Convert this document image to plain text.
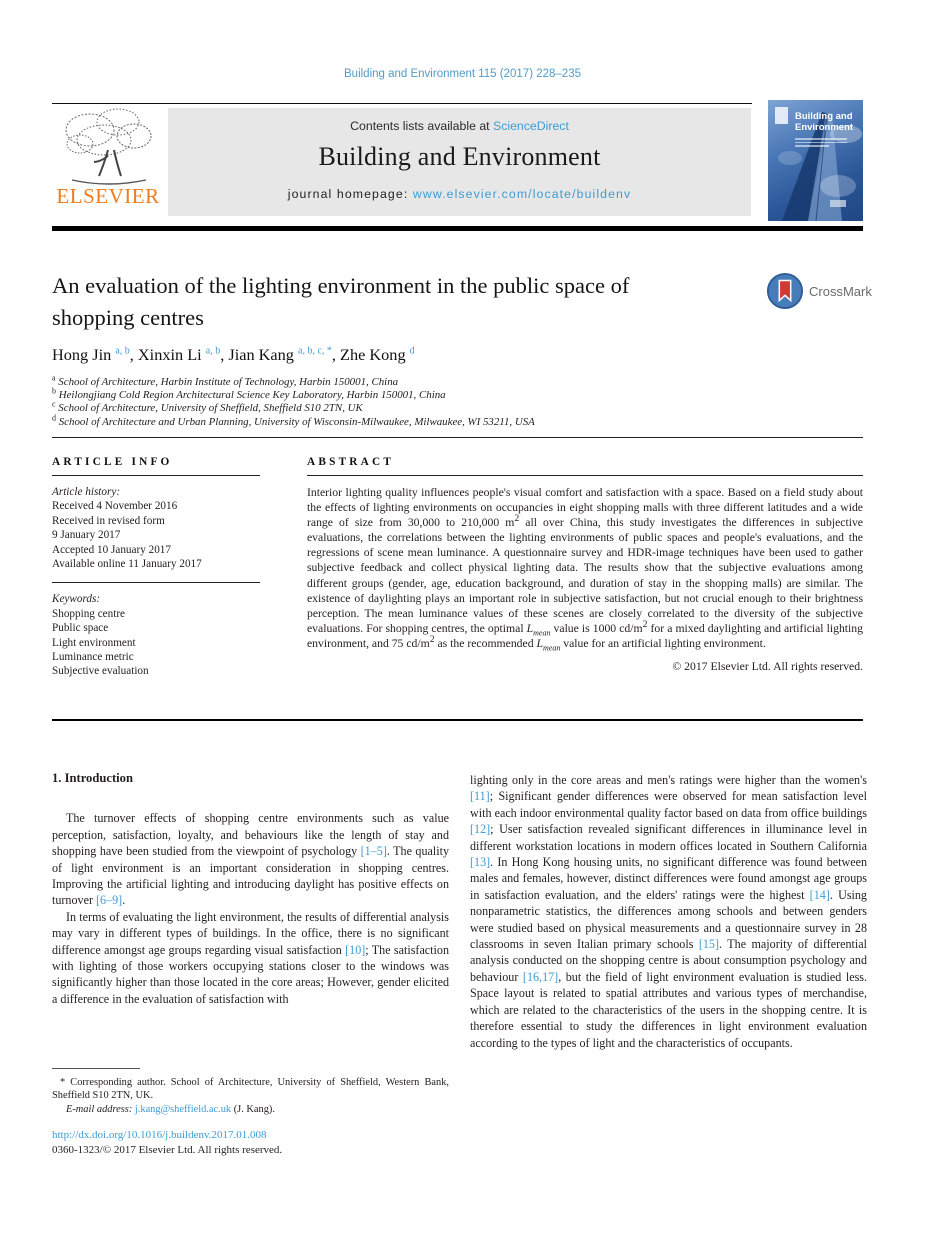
Building and Environment 115 (2017) 228–235
ELSEVIER
Contents lists available at ScienceDirect
Building and Environment
journal homepage: www.elsevier.com/locate/buildenv
Building and
Environment
An evaluation of the lighting environment in the public space of shopping centres
CrossMark
Hong Jin $^{a, b}$, Xinxin Li $^{a, b}$, Jian Kang $^{a, b, c, *}$, Zhe Kong $^d$
$^a$ School of Architecture, Harbin Institute of Technology, Harbin 150001, China
$^b$ Heilongjiang Cold Region Architectural Science Key Laboratory, Harbin 150001, China
$^c$ School of Architecture, University of Sheffield, Sheffield S10 2TN, UK
$^d$ School of Architecture and Urban Planning, University of Wisconsin-Milwaukee, Milwaukee, WI 53211, USA
ARTICLE INFO
Article history:
Received 4 November 2016
Received in revised form
9 January 2017
Accepted 10 January 2017
Available online 11 January 2017
Keywords:
Shopping centre
Public space
Light environment
Luminance metric
Subjective evaluation
ABSTRACT
Interior lighting quality influences people's visual comfort and satisfaction with a space. Based on a field study about the effects of lighting environments on occupancies in eight shopping malls with three different latitudes and a wide range of size from 30,000 to 210,000 $m^2$ all over China, this study investigates the differences in subjective evaluations, the correlations between the lighting environments of public spaces and people's evaluations, and the regressions of scene mean luminance. A questionnaire survey and HDR-image techniques have been used to gather subjective feedback and collect physical lighting data. The results show that the subjective evaluations among different groups (gender, age, education background, and duration of stay in the shopping malls) are similar. The existence of daylighting plays an important role in subjective satisfaction, but not crucial enough to their brightness perception. The mean luminance values of these scenes are closely correlated to the diversity of the subjective evaluations. For shopping centres, the optimal $L_{mean}$ value is 1000 $cd/m^2$ for a mixed daylighting and artificial lighting environment, and 75 $cd/m^2$ as the recommended $L_{mean}$ value for an artificial lighting environment.
© 2017 Elsevier Ltd. All rights reserved.
1. Introduction

The turnover effects of shopping centre environments such as value perception, satisfaction, loyalty, and behaviours like the length of stay and shopping have been studied from the viewpoint of psychology [1–5]. The quality of light environment is an important consideration in shopping centres. Improving the artificial lighting and introducing daylight has positive effects on turnover [6–9].

In terms of evaluating the light environment, the results of differential analysis may vary in different types of buildings. In the office, there is no significant difference amongst age groups regarding visual satisfaction [10]; The satisfaction with lighting of those workers occupying stations closer to the windows was significantly higher than those located in the core areas; However, gender elicited a difference in the evaluation of satisfaction with

lighting only in the core areas and men's ratings were higher than the women's [11]; Significant gender differences were observed for mean satisfaction level with each indoor environmental quality factor based on data from office buildings [12]; User satisfaction revealed significant differences in illuminance level in different workstation locations in modern offices located in Southern California [13]. In Hong Kong housing units, no significant difference was found between males and females, however, distinct differences were found amongst age groups in satisfaction evaluation, and the elders' ratings were the highest [14]. Using nonparametric statistics, the differences among schools and between genders were studied based on physical measurements and a questionnaire survey in 28 classrooms in seven Italian primary schools [15]. The majority of differential analysis conducted on the shopping centre is about consumption psychology and behaviour [16,17], but the field of light environment evaluation is studied less. Space layout is related to spatial attributes and various types of merchandise, which are related to the characteristics of the users in the shopping centre. It is therefore essential to study the differences in light environment evaluation according to the types of light and the characteristics of occupants.

* Corresponding author. School of Architecture, University of Sheffield, Western Bank, Sheffield S10 2TN, UK.
E-mail address: j.kang@sheffield.ac.uk (J. Kang).
http://dx.doi.org/10.1016/j.buildenv.2017.01.008
0360-1323/© 2017 Elsevier Ltd. All rights reserved.
